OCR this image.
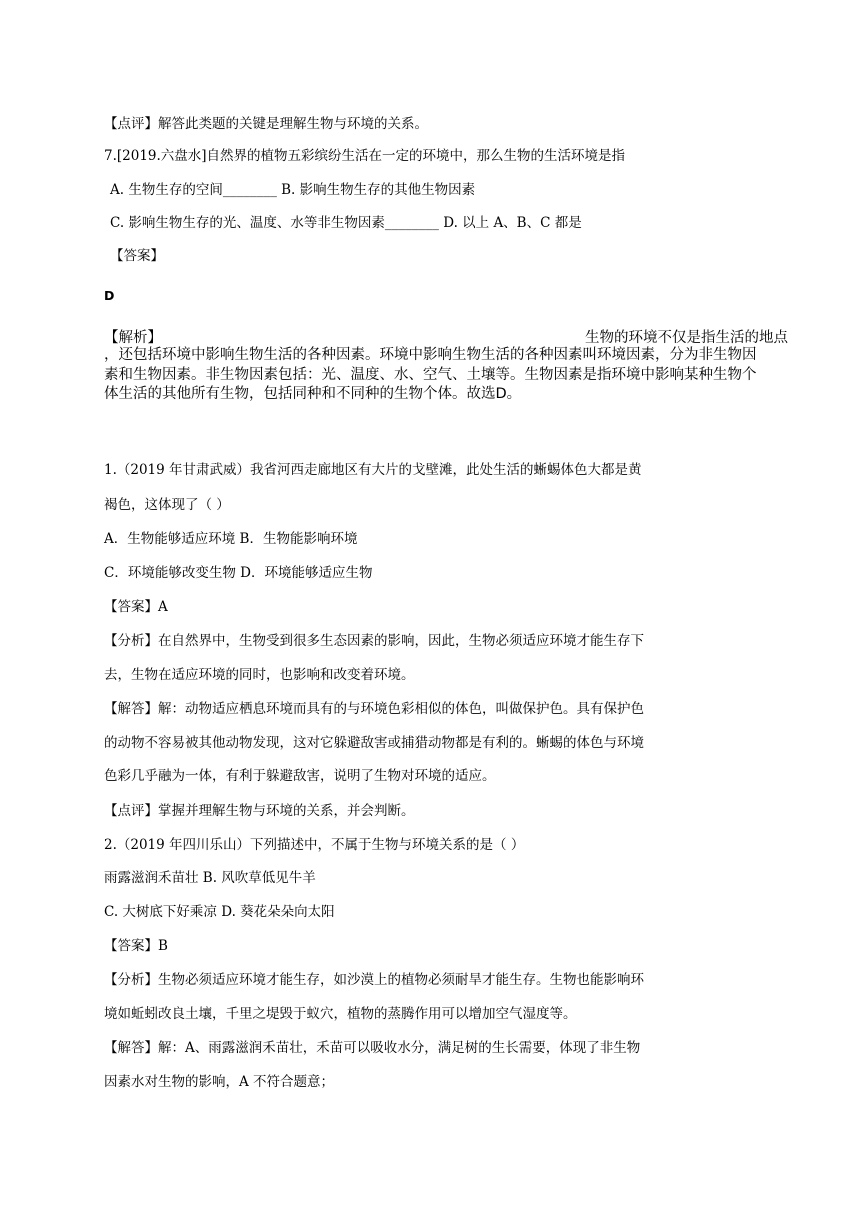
【点评】解答此类题的关键是理解生物与环境的关系。
7.[2019.六盘水]自然界的植物五彩缤纷生活在一定的环境中，那么生物的生活环境是指
A. 生物生存的空间________ B. 影响生物生存的其他生物因素
C. 影响生物生存的光、温度、水等非生物因素________ D. 以上 A、B、C 都是
【答案】
D
【解析】	生物的环境不仅是指生活的地点
，还包括环境中影响生物生活的各种因素。环境中影响生物生活的各种因素叫环境因素，分为非生物因
素和生物因素。非生物因素包括：光、温度、水、空气、土壤等。生物因素是指环境中影响某种生物个
体生活的其他所有生物，包括同种和不同种的生物个体。故选D。
1.（2019 年甘肃武威）我省河西走廊地区有大片的戈壁滩，此处生活的蜥蜴体色大都是黄
褐色，这体现了（ ）
A．生物能够适应环境 B．生物能影响环境
C．环境能够改变生物 D．环境能够适应生物
【答案】A
【分析】在自然界中，生物受到很多生态因素的影响，因此，生物必须适应环境才能生存下
去，生物在适应环境的同时，也影响和改变着环境。
【解答】解：动物适应栖息环境而具有的与环境色彩相似的体色，叫做保护色。具有保护色
的动物不容易被其他动物发现，这对它躲避敌害或捕猎动物都是有利的。蜥蜴的体色与环境
色彩几乎融为一体，有利于躲避敌害，说明了生物对环境的适应。
【点评】掌握并理解生物与环境的关系，并会判断。
2.（2019 年四川乐山）下列描述中，不属于生物与环境关系的是（ ）
雨露滋润禾苗壮 B. 风吹草低见牛羊
C. 大树底下好乘凉 D. 葵花朵朵向太阳
【答案】B
【分析】生物必须适应环境才能生存，如沙漠上的植物必须耐旱才能生存。生物也能影响环
境如蚯蚓改良土壤，千里之堤毁于蚁穴，植物的蒸腾作用可以增加空气湿度等。
【解答】解：A、雨露滋润禾苗壮，禾苗可以吸收水分，满足树的生长需要，体现了非生物
因素水对生物的影响，A 不符合题意；
